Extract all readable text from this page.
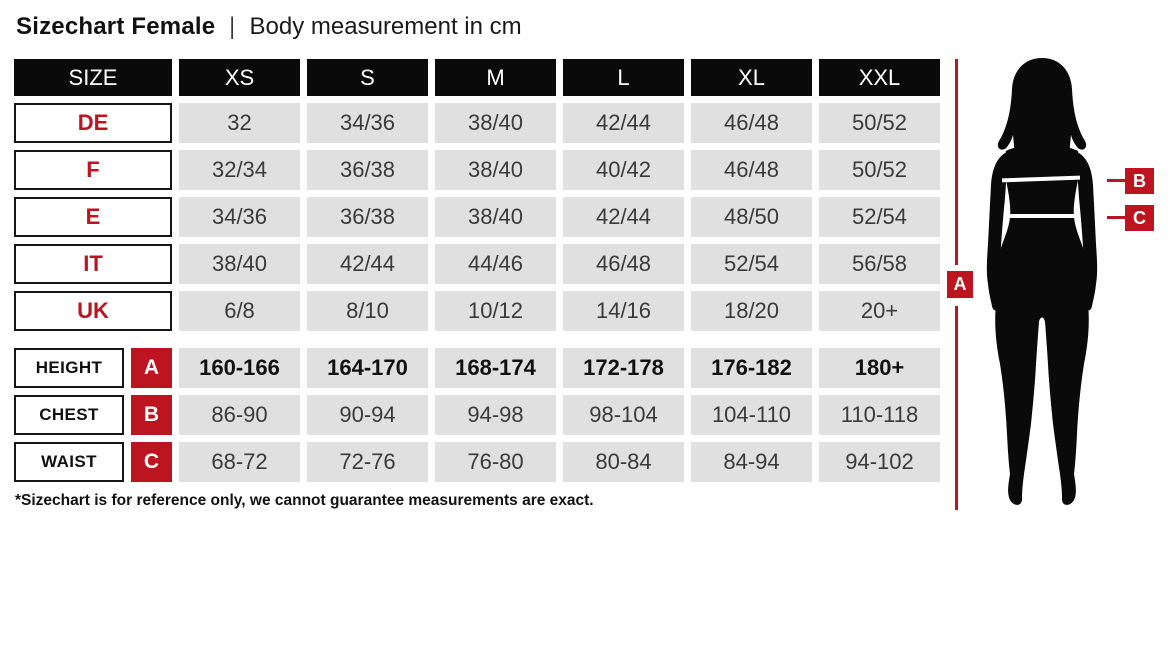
Sizechart Female | Body measurement in cm
SIZE	XS	S	M	L	XL	XXL
DE	32	34/36	38/40	42/44	46/48	50/52
F	32/34	36/38	38/40	40/42	46/48	50/52
E	34/36	36/38	38/40	42/44	48/50	52/54
IT	38/40	42/44	44/46	46/48	52/54	56/58
UK	6/8	8/10	10/12	14/16	18/20	20+
HEIGHT	A	160-166	164-170	168-174	172-178	176-182	180+
CHEST	B	86-90	90-94	94-98	98-104	104-110	110-118
WAIST	C	68-72	72-76	76-80	80-84	84-94	94-102

*Sizechart is for reference only, we cannot guarantee measurements are exact.

A
B
C
